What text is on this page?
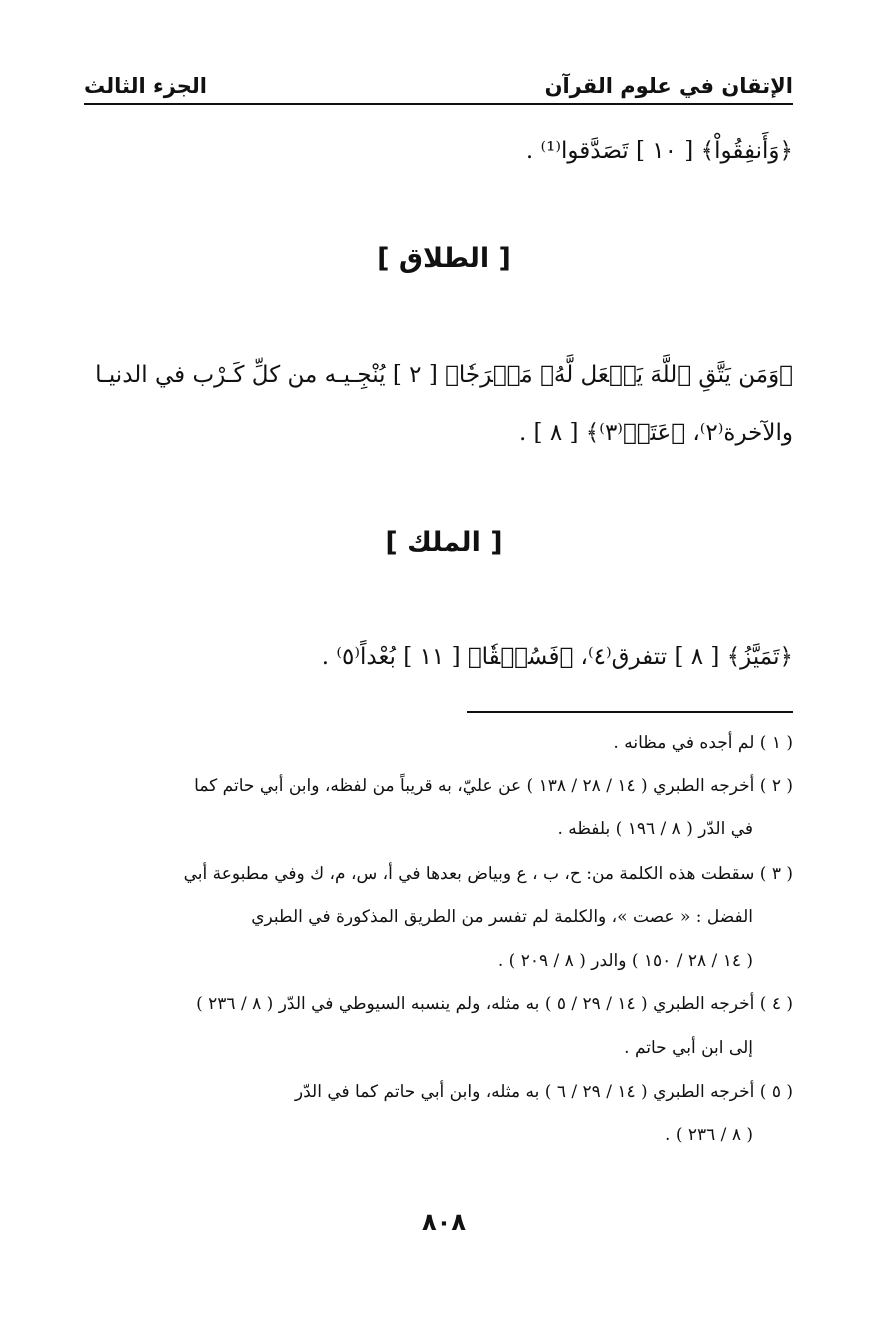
الإتقان في علوم القرآن
الجزء الثالث
﴿وَأَنفِقُواْ﴾ [ ١٠ ] تَصَدَّقوا⁽¹⁾ .
[ الطلاق ]
﴿وَمَن يَتَّقِ ٱللَّهَ يَجۡعَل لَّهُۥ مَخۡرَجٗا﴾ [ ٢ ] يُنْجِـيـه من كلِّ كَـرْب في الدنيـا
والآخرة⁽٢⁾، ﴿عَتَتۡ⁽٣⁾﴾ [ ٨ ] .
[ الملك ]
﴿تَمَيَّزُ﴾ [ ٨ ] تتفرق⁽٤⁾، ﴿فَسُحۡقٗا﴾ [ ١١ ] بُعْداً⁽٥⁾ .
( ١ ) لم أجده في مظانه .
( ٢ ) أخرجه الطبري ( ١٤ / ٢٨ / ١٣٨ ) عن عليّ، به قريباً من لفظه، وابن أبي حاتم كما
في الدّر ( ٨ / ١٩٦ ) بلفظه .
( ٣ ) سقطت هذه الكلمة من: ح، ب ، ع وبياض بعدها في أ، س، م، ك وفي مطبوعة أبي
الفضل : « عصت »، والكلمة لم تفسر من الطريق المذكورة في الطبري
( ١٤ / ٢٨ / ١٥٠ ) والدر ( ٨ / ٢٠٩ ) .
( ٤ ) أخرجه الطبري ( ١٤ / ٢٩ / ٥ ) به مثله، ولم ينسبه السيوطي في الدّر ( ٨ / ٢٣٦ )
إلى ابن أبي حاتم .
( ٥ ) أخرجه الطبري ( ١٤ / ٢٩ / ٦ ) به مثله، وابن أبي حاتم كما في الدّر
( ٨ / ٢٣٦ ) .
٨٠٨
